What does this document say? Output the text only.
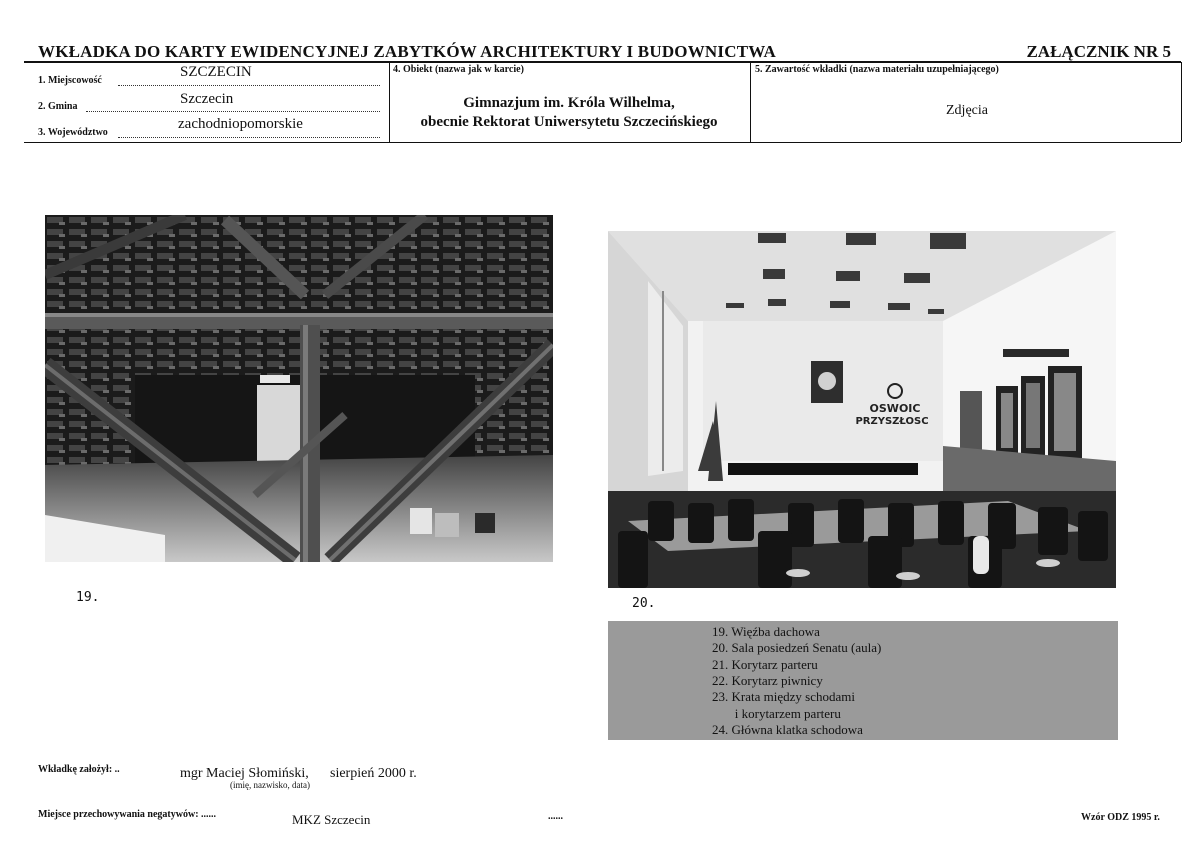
WKŁADKA DO KARTY EWIDENCYJNEJ ZABYTKÓW ARCHITEKTURY I BUDOWNICTWA	ZAŁĄCZNIK NR 5
1. Miejscowość
SZCZECIN
2. Gmina	Szczecin
3. Województwo
zachodniopomorskie
4. Obiekt (nazwa jak w karcie)
Gimnazjum im. Króla Wilhelma,
obecnie Rektorat Uniwersytetu Szczecińskiego
5. Zawartość wkładki (nazwa materiału uzupełniającego)
Zdjęcia
19.
OSWOIC
PRZYSZŁOSC
20.
19. Więźba dachowa
20. Sala posiedzeń Senatu (aula)
21. Korytarz parteru
22. Korytarz piwnicy
23. Krata między schodami
i korytarzem parteru
24. Główna klatka schodowa
Wkładkę założył: ..	mgr Maciej Słomiński, sierpień 2000 r.
(imię, nazwisko, data)
Miejsce przechowywania negatywów: ......	MKZ Szczecin	......	Wzór ODZ 1995 r.
